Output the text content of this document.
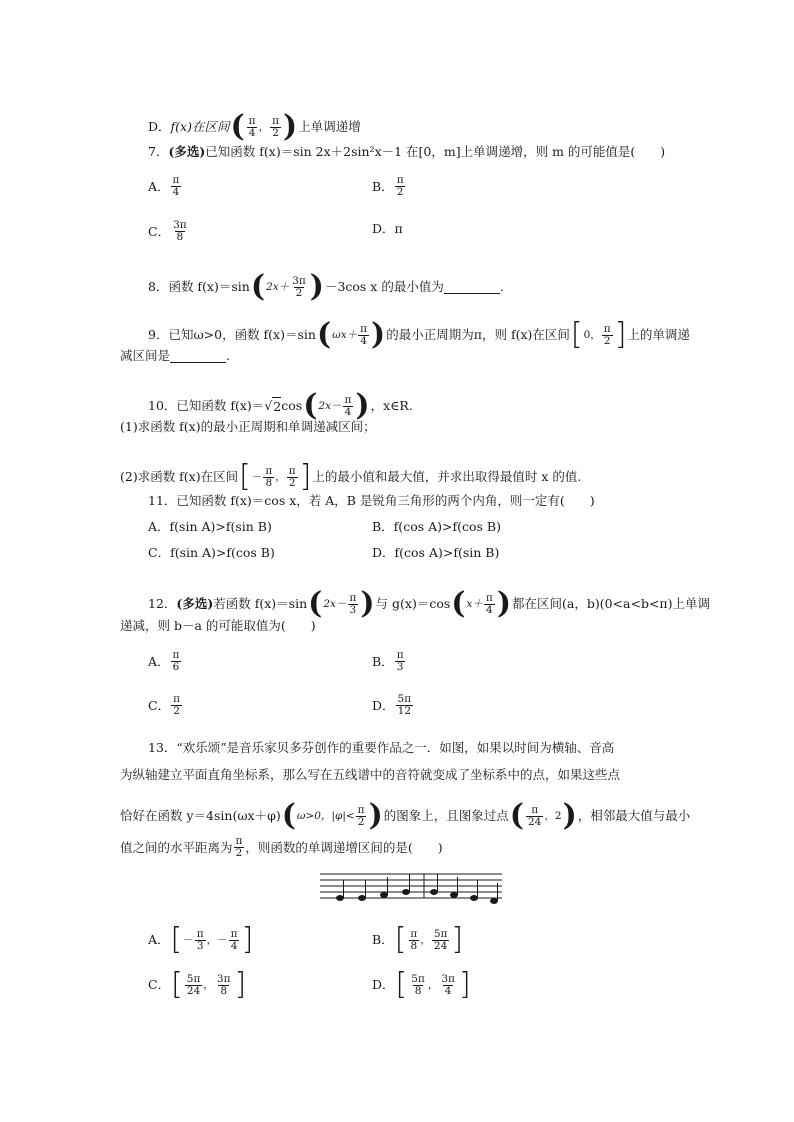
D． f(x)在区间 ( $\frac{\pi}{4}$ ， $\frac{\pi}{2}$ ) 上单调递增
7． (多选) 已知函数 f(x)＝sin 2x＋2sin²x－1 在[0，m]上单调递增，则 m 的可能值是(　　)
A． $\frac{\pi}{4}$	B． $\frac{\pi}{2}$
C． $\frac{3\pi}{8}$	D． π
8． 函数 f(x)＝sin ( $2x+ \frac{3\pi}{2}$ ) －3cos x 的最小值为	.
9． 已知ω>0，函数 f(x)＝sin ( $\omega x+ \frac{\pi}{4}$ ) 的最小正周期为π，则 f(x)在区间 [ 0， $\frac{\pi}{2}$ ] 上的单调递
减区间是	.
10． 已知函数 f(x)＝ √ 2 cos ( $2x- \frac{\pi}{4}$ ) ，x∈R.
(1)求函数 f(x)的最小正周期和单调递减区间；
(2)求函数 f(x)在区间 [ － $\frac{\pi}{8}$ ， $\frac{\pi}{2}$ ] 上的最小值和最大值，并求出取得最值时 x 的值.
11． 已知函数 f(x)＝cos x，若 A，B 是锐角三角形的两个内角，则一定有(　　)
A．f(sin A)>f(sin B)	B．f(cos A)>f(cos B)
C．f(sin A)>f(cos B)	D．f(cos A)>f(sin B)
12． (多选) 若函数 f(x)＝sin ( $2x- \frac{\pi}{3}$ ) 与 g(x)＝cos ( $x+ \frac{\pi}{4}$ ) 都在区间(a，b)(0<a<b<π)上单调
递减，则 b－a 的可能取值为(　　)
A． $\frac{\pi}{6}$	B． $\frac{\pi}{3}$
C． $\frac{\pi}{2}$	D． $\frac{5\pi}{12}$
13． “欢乐颂”是音乐家贝多芬创作的重要作品之一．如图，如果以时间为横轴、音高
为纵轴建立平面直角坐标系，那么写在五线谱中的音符就变成了坐标系中的点，如果这些点
恰好在函数 y＝4sin(ωx＋φ) ( ω>0，$|\varphi|< \frac{\pi}{2}$ ) 的图象上，且图象过点 ( $\frac{\pi}{24}$ ，2 ) ，相邻最大值与最小
值之间的水平距离为 $\frac{\pi}{2}$ ，则函数的单调递增区间的是(　　)
A． [ － $\frac{\pi}{3}$ ， － $\frac{\pi}{4}$ ]	B． [ $\frac{\pi}{8}$ ， $\frac{5\pi}{24}$ ]
C． [ $\frac{5\pi}{24}$ ， $\frac{3\pi}{8}$ ]	D． [ $\frac{5\pi}{8}$ ， $\frac{3\pi}{4}$ ]
